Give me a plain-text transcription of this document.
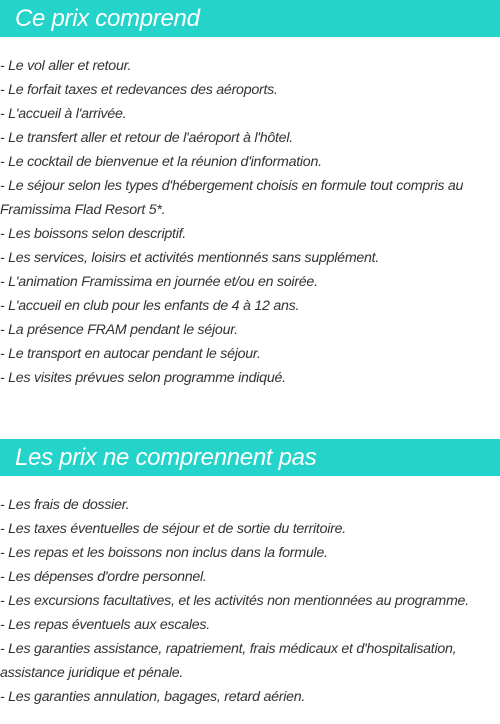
Ce prix comprend
- Le vol aller et retour.
- Le forfait taxes et redevances des aéroports.
- L'accueil à l'arrivée.
- Le transfert aller et retour de l'aéroport à l'hôtel.
- Le cocktail de bienvenue et la réunion d'information.
- Le séjour selon les types d'hébergement choisis en formule tout compris au Framissima Flad Resort 5*.
- Les boissons selon descriptif.
- Les services, loisirs et activités mentionnés sans supplément.
- L'animation Framissima en journée et/ou en soirée.
- L'accueil en club pour les enfants de 4 à 12 ans.
- La présence FRAM pendant le séjour.
- Le transport en autocar pendant le séjour.
- Les visites prévues selon programme indiqué.
Les prix ne comprennent pas
- Les frais de dossier.
- Les taxes éventuelles de séjour et de sortie du territoire.
- Les repas et les boissons non inclus dans la formule.
- Les dépenses d'ordre personnel.
- Les excursions facultatives, et les activités non mentionnées au programme.
- Les repas éventuels aux escales.
- Les garanties assistance, rapatriement, frais médicaux et d'hospitalisation, assistance juridique et pénale.
- Les garanties annulation, bagages, retard aérien.
